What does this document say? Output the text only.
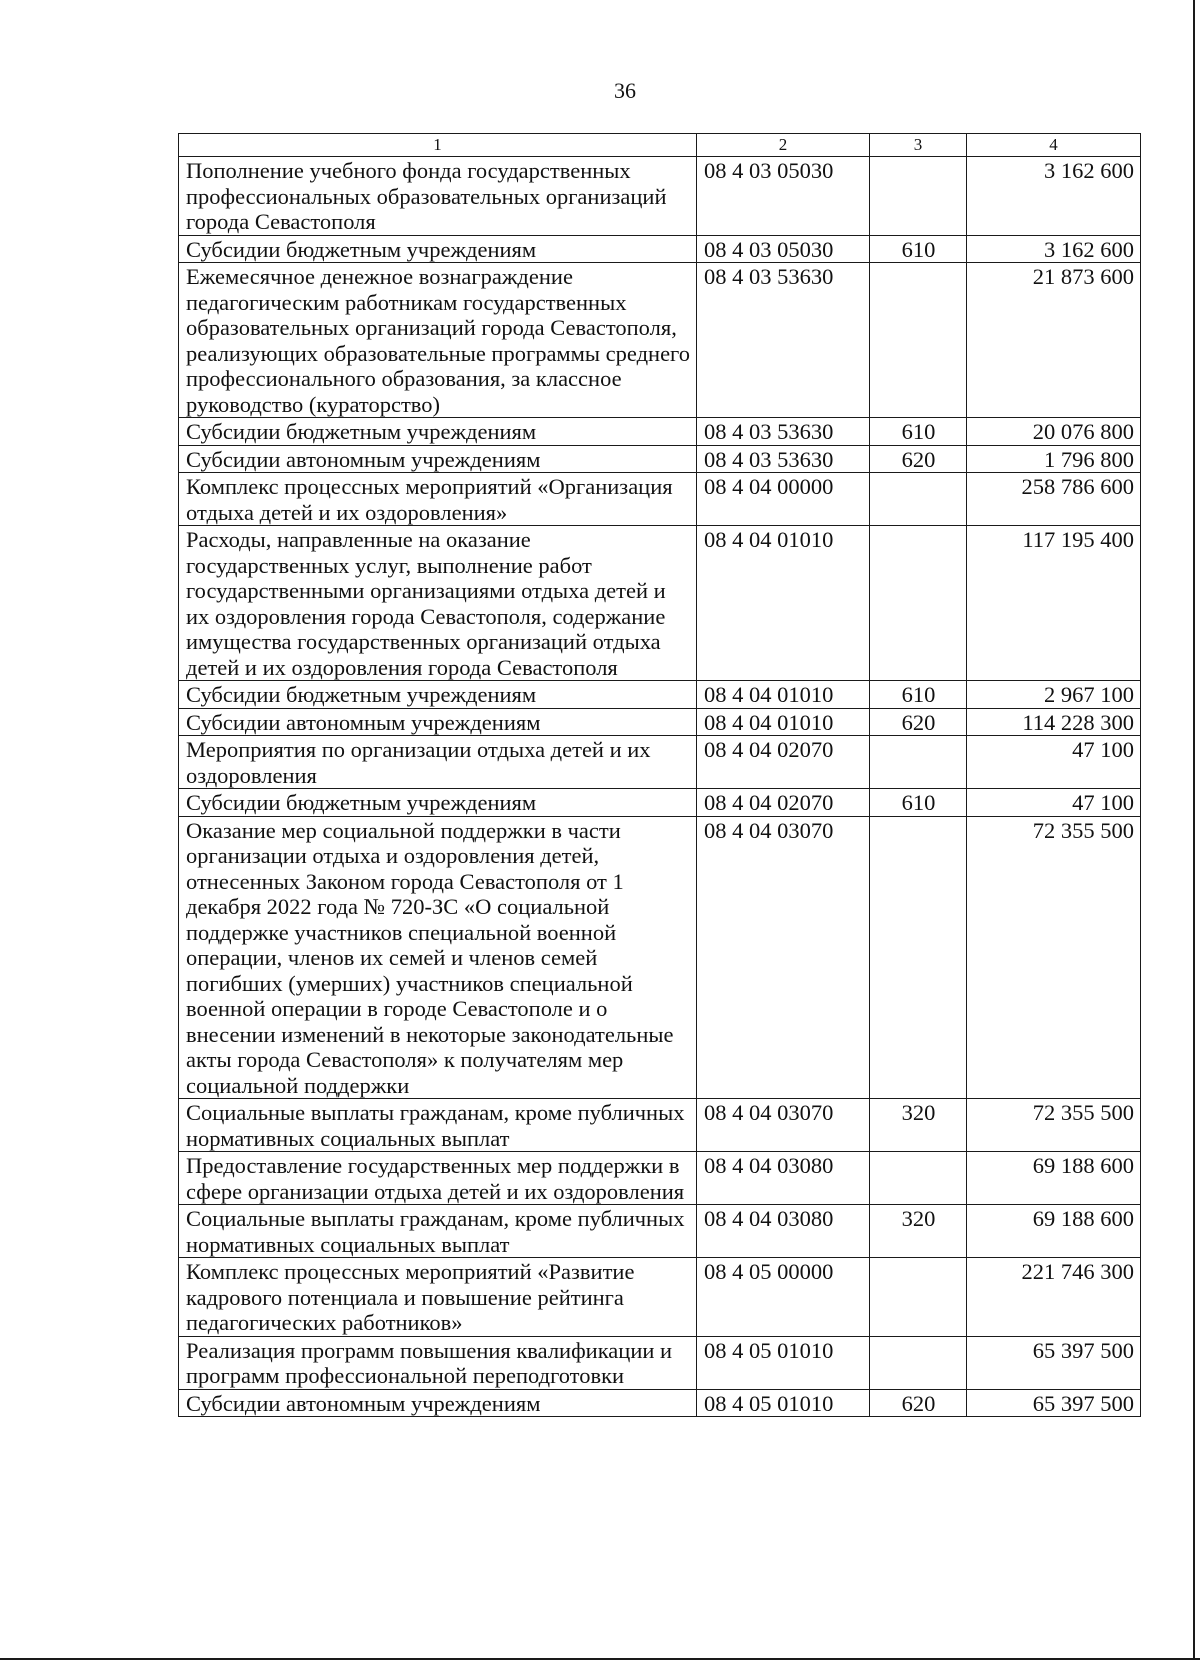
36
1	2	3	4
Пополнение учебного фонда государственных профессиональных образовательных организаций города Севастополя	08 4 03 05030		3 162 600
Субсидии бюджетным учреждениям	08 4 03 05030	610	3 162 600
Ежемесячное денежное вознаграждение педагогическим работникам государственных образовательных организаций города Севастополя, реализующих образовательные программы среднего профессионального образования, за классное руководство (кураторство)	08 4 03 53630		21 873 600
Субсидии бюджетным учреждениям	08 4 03 53630	610	20 076 800
Субсидии автономным учреждениям	08 4 03 53630	620	1 796 800
Комплекс процессных мероприятий «Организация отдыха детей и их оздоровления»	08 4 04 00000		258 786 600
Расходы, направленные на оказание государственных услуг, выполнение работ государственными организациями отдыха детей и их оздоровления города Севастополя, содержание имущества государственных организаций отдыха детей и их оздоровления города Севастополя	08 4 04 01010		117 195 400
Субсидии бюджетным учреждениям	08 4 04 01010	610	2 967 100
Субсидии автономным учреждениям	08 4 04 01010	620	114 228 300
Мероприятия по организации отдыха детей и их оздоровления	08 4 04 02070		47 100
Субсидии бюджетным учреждениям	08 4 04 02070	610	47 100
Оказание мер социальной поддержки в части организации отдыха и оздоровления детей, отнесенных Законом города Севастополя от 1 декабря 2022 года № 720-ЗС «О социальной поддержке участников специальной военной операции, членов их семей и членов семей погибших (умерших) участников специальной военной операции в городе Севастополе и о внесении изменений в некоторые законодательные акты города Севастополя» к получателям мер социальной поддержки	08 4 04 03070		72 355 500
Социальные выплаты гражданам, кроме публичных нормативных социальных выплат	08 4 04 03070	320	72 355 500
Предоставление государственных мер поддержки в сфере организации отдыха детей и их оздоровления	08 4 04 03080		69 188 600
Социальные выплаты гражданам, кроме публичных нормативных социальных выплат	08 4 04 03080	320	69 188 600
Комплекс процессных мероприятий «Развитие кадрового потенциала и повышение рейтинга педагогических работников»	08 4 05 00000		221 746 300
Реализация программ повышения квалификации и программ профессиональной переподготовки	08 4 05 01010		65 397 500
Субсидии автономным учреждениям	08 4 05 01010	620	65 397 500
